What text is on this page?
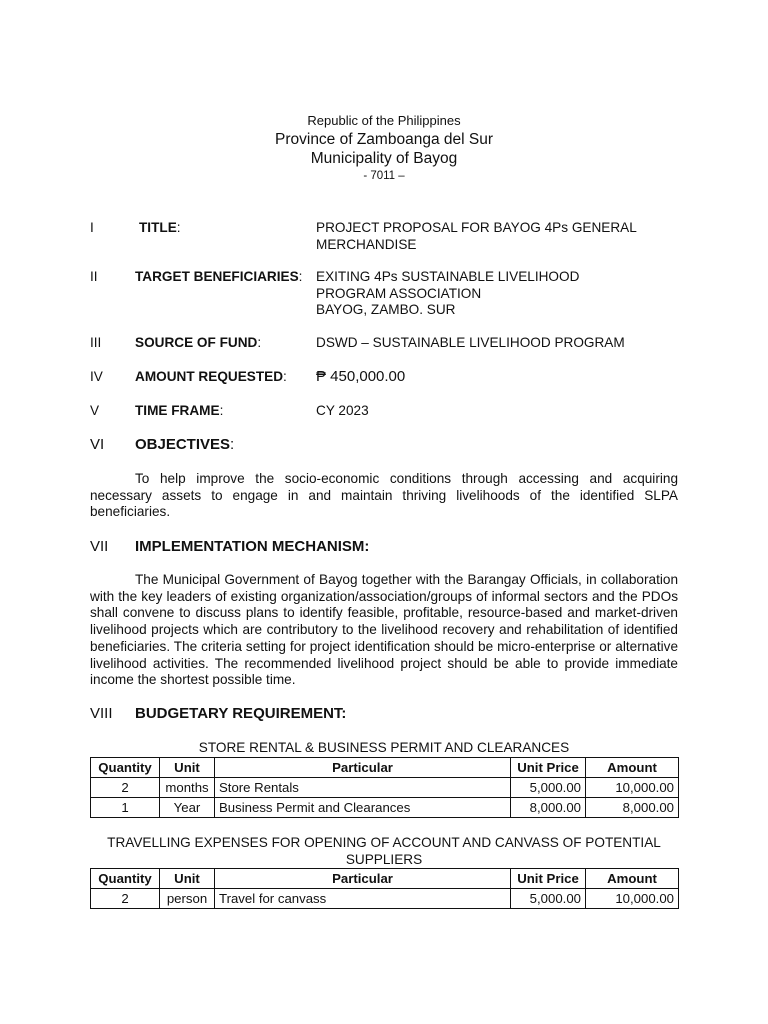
Republic of the Philippines
Province of Zamboanga del Sur
Municipality of Bayog
- 7011 –
I	TITLE:	PROJECT PROPOSAL FOR BAYOG 4Ps GENERAL MERCHANDISE
II	TARGET BENEFICIARIES: EXITING 4Ps SUSTAINABLE LIVELIHOOD
PROGRAM ASSOCIATION
BAYOG, ZAMBO. SUR
III SOURCE OF FUND:	DSWD – SUSTAINABLE LIVELIHOOD PROGRAM
IV AMOUNT REQUESTED: ₱ 450,000.00
V	TIME FRAME:	CY 2023
VI OBJECTIVES:
To help improve the socio-economic conditions through accessing and acquiring necessary assets to engage in and maintain thriving livelihoods of the identified SLPA beneficiaries.
VII IMPLEMENTATION MECHANISM:
The Municipal Government of Bayog together with the Barangay Officials, in collaboration with the key leaders of existing organization/association/groups of informal sectors and the PDOs shall convene to discuss plans to identify feasible, profitable, resource-based and market-driven livelihood projects which are contributory to the livelihood recovery and rehabilitation of identified beneficiaries. The criteria setting for project identification should be micro-enterprise or alternative livelihood activities. The recommended livelihood project should be able to provide immediate income the shortest possible time.
VIII BUDGETARY REQUIREMENT:
STORE RENTAL & BUSINESS PERMIT AND CLEARANCES
Quantity	Unit	Particular	Unit Price	Amount
2	months	Store Rentals	5,000.00	10,000.00
1	Year	Business Permit and Clearances	8,000.00	8,000.00
TRAVELLING EXPENSES FOR OPENING OF ACCOUNT AND CANVASS OF POTENTIAL
SUPPLIERS
Quantity	Unit	Particular	Unit Price	Amount
2	person	Travel for canvass	5,000.00	10,000.00
